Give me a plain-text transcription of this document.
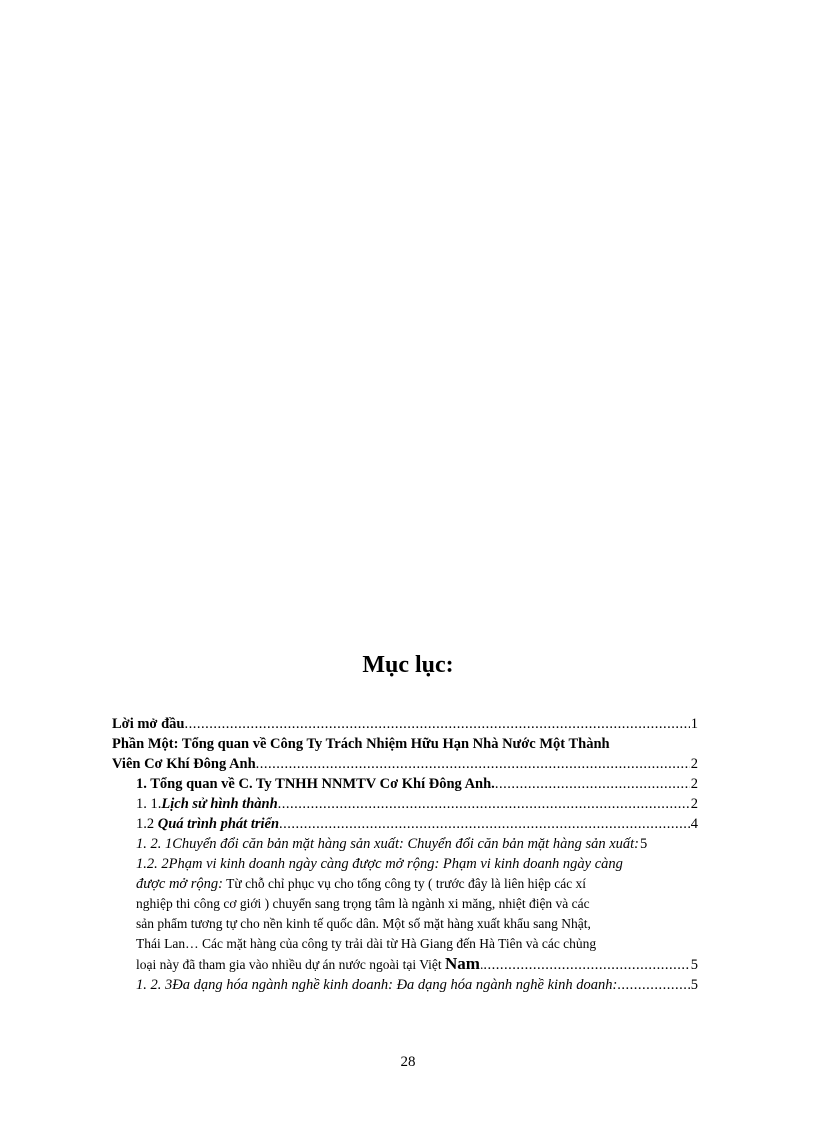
Mục lục:
Lời mở đầu .....	1
Phần Một: Tổng quan về Công Ty Trách Nhiệm Hữu Hạn Nhà Nước Một Thành
Viên Cơ Khí Đông Anh .....	2
1. Tổng quan về C. Ty TNHH NNMTV Cơ Khí Đông Anh. .....	2
1. 1.Lịch sử hình thành .....	2
1.2 Quá trình phát triển .....	4
1. 2. 1Chuyển đổi căn bản mặt hàng sản xuất: Chuyển đổi căn bản mặt hàng sản xuất: 5
1.2. 2Phạm vi kinh doanh ngày càng được mở rộng: Phạm vi kinh doanh ngày càng
được mở rộng: Từ chỗ chỉ phục vụ cho tổng công ty ( trước đây là liên hiệp các xí
nghiệp thi công cơ giới ) chuyển sang trọng tâm là ngành xi măng, nhiệt điện và các
sản phẩm tương tự cho nền kinh tế quốc dân. Một số mặt hàng xuất khẩu sang Nhật,
Thái Lan… Các mặt hàng của công ty trải dài từ Hà Giang đến Hà Tiên và các chủng
loại này đã tham gia vào nhiều dự án nước ngoài tại Việt Nam. .....	5
1. 2. 3Đa dạng hóa ngành nghề kinh doanh: Đa dạng hóa ngành nghề kinh doanh: .....	5
28
